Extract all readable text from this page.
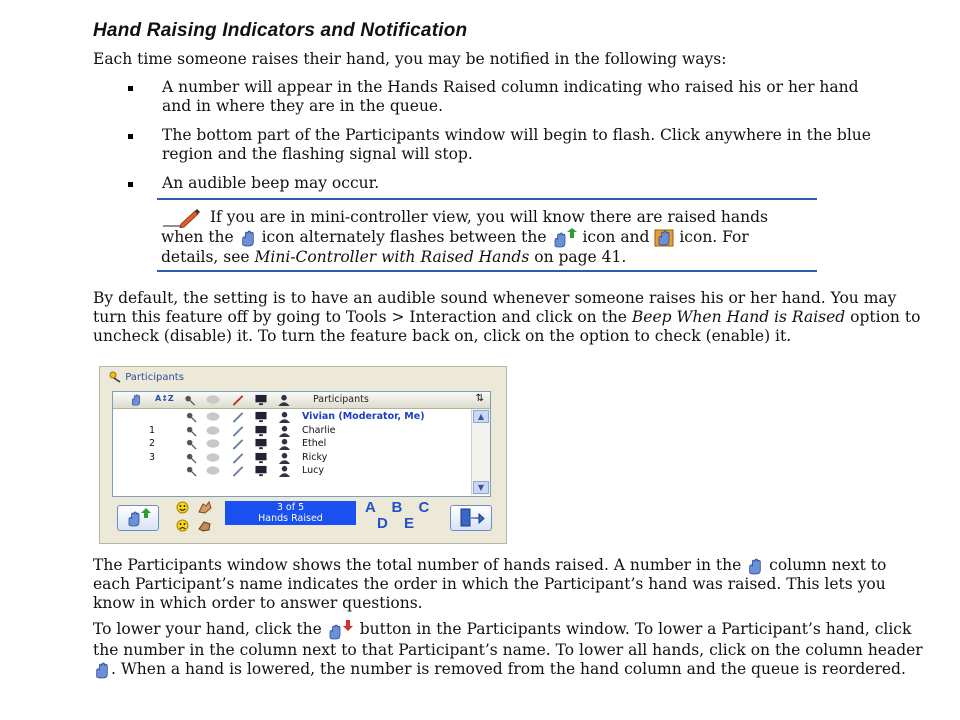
Hand Raising Indicators and Notification
Each time someone raises their hand, you may be notified in the following ways:
A number will appear in the Hands Raised column indicating who raised his or her hand and in where they are in the queue.
The bottom part of the Participants window will begin to flash. Click anywhere in the blue region and the flashing signal will stop.
An audible beep may occur.
If you are in mini-controller view, you will know there are raised hands when the icon alternately flashes between the icon and icon. For details, see Mini-Controller with Raised Hands on page 41.
By default, the setting is to have an audible sound whenever someone raises his or her hand. You may turn this feature off by going to Tools > Interaction and click on the Beep When Hand is Raised option to uncheck (disable) it. To turn the feature back on, click on the option to check (enable) it.
Participants
A↕Z	Participants	⇅
Vivian (Moderator, Me)
1	Charlie
2	Ethel
3	Ricky
Lucy
▲
▼
3 of 5
Hands Raised
A B C
D E
The Participants window shows the total number of hands raised. A number in the column next to each Participant’s name indicates the order in which the Participant’s hand was raised. This lets you know in which order to answer questions.
To lower your hand, click the button in the Participants window. To lower a Participant’s hand, click the number in the column next to that Participant’s name. To lower all hands, click on the column header . When a hand is lowered, the number is removed from the hand column and the queue is reordered.
